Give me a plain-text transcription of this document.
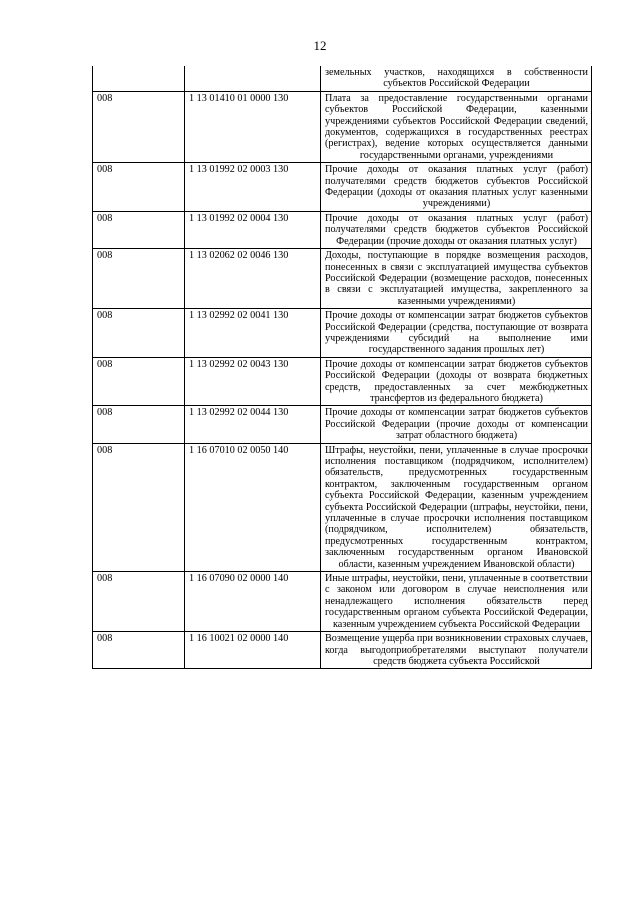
12
		земельных участков, находящихся в собственности субъектов Российской Федерации
008	1 13 01410 01 0000 130	Плата за предоставление государственными органами субъектов Российской Федерации, казенными учреждениями субъектов Российской Федерации сведений, документов, содержащихся в государственных реестрах (регистрах), ведение которых осуществляется данными государственными органами, учреждениями
008	1 13 01992 02 0003 130	Прочие доходы от оказания платных услуг (работ) получателями средств бюджетов субъектов Российской Федерации (доходы от оказания платных услуг казенными учреждениями)
008	1 13 01992 02 0004 130	Прочие доходы от оказания платных услуг (работ) получателями средств бюджетов субъектов Российской Федерации (прочие доходы от оказания платных услуг)
008	1 13 02062 02 0046 130	Доходы, поступающие в порядке возмещения расходов, понесенных в связи с эксплуатацией имущества субъектов Российской Федерации (возмещение расходов, понесенных в связи с эксплуатацией имущества, закрепленного за казенными учреждениями)
008	1 13 02992 02 0041 130	Прочие доходы от компенсации затрат бюджетов субъектов Российской Федерации (средства, поступающие от возврата учреждениями субсидий на выполнение ими государственного задания прошлых лет)
008	1 13 02992 02 0043 130	Прочие доходы от компенсации затрат бюджетов субъектов Российской Федерации (доходы от возврата бюджетных средств, предоставленных за счет межбюджетных трансфертов из федерального бюджета)
008	1 13 02992 02 0044 130	Прочие доходы от компенсации затрат бюджетов субъектов Российской Федерации (прочие доходы от компенсации затрат областного бюджета)
008	1 16 07010 02 0050 140	Штрафы, неустойки, пени, уплаченные в случае просрочки исполнения поставщиком (подрядчиком, исполнителем) обязательств, предусмотренных государственным контрактом, заключенным государственным органом субъекта Российской Федерации, казенным учреждением субъекта Российской Федерации (штрафы, неустойки, пени, уплаченные в случае просрочки исполнения поставщиком (подрядчиком, исполнителем) обязательств, предусмотренных государственным контрактом, заключенным государственным органом Ивановской области, казенным учреждением Ивановской области)
008	1 16 07090 02 0000 140	Иные штрафы, неустойки, пени, уплаченные в соответствии с законом или договором в случае неисполнения или ненадлежащего исполнения обязательств перед государственным органом субъекта Российской Федерации, казенным учреждением субъекта Российской Федерации
008	1 16 10021 02 0000 140	Возмещение ущерба при возникновении страховых случаев, когда выгодоприобретателями выступают получатели средств бюджета субъекта Российской
